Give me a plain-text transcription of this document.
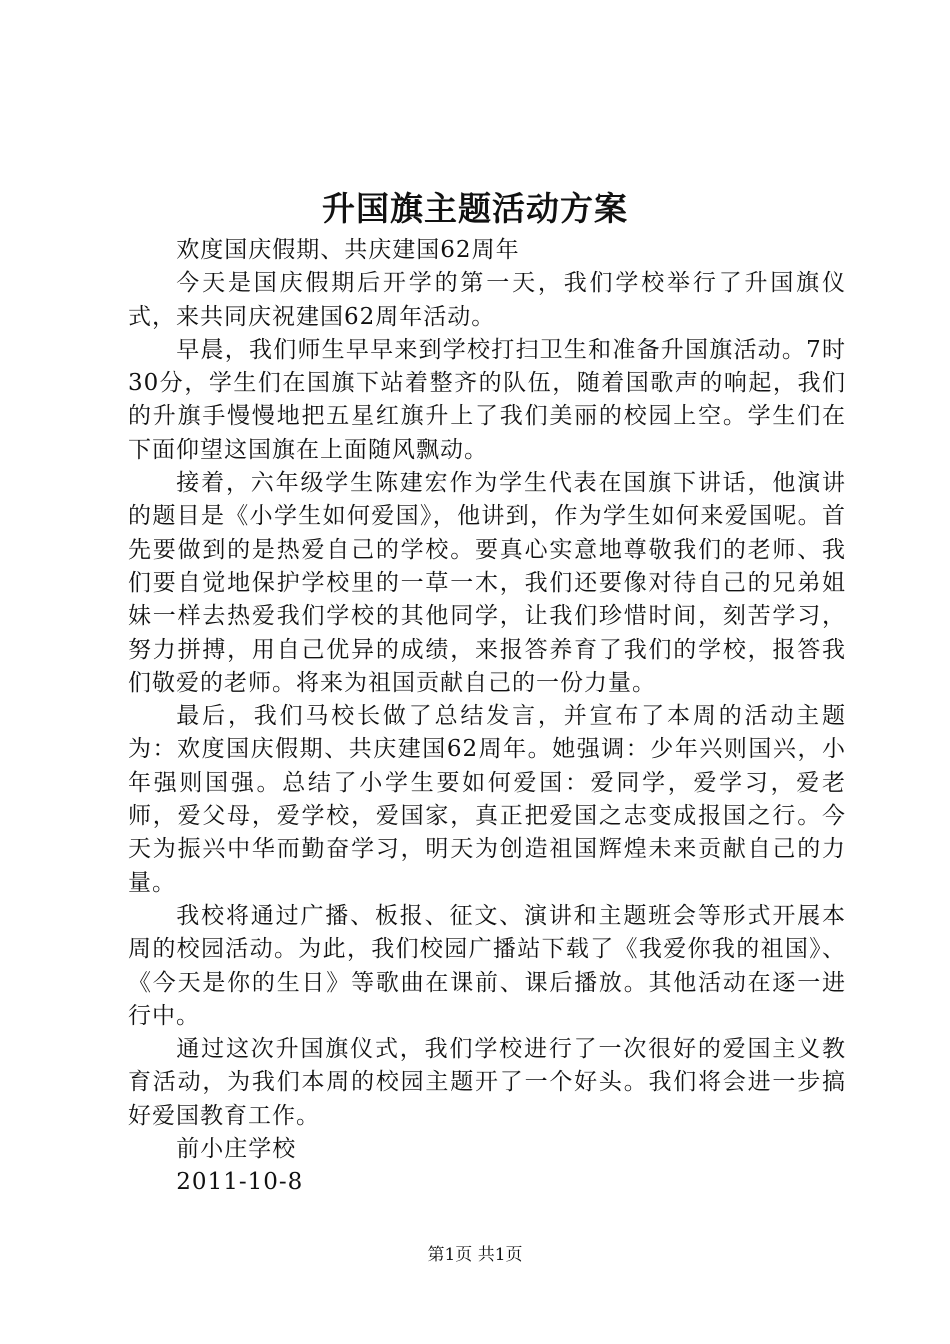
升国旗主题活动方案

欢度国庆假期、共庆建国62周年

今天是国庆假期后开学的第一天，我们学校举行了升国旗仪式，来共同庆祝建国62周年活动。

早晨，我们师生早早来到学校打扫卫生和准备升国旗活动。7时30分，学生们在国旗下站着整齐的队伍，随着国歌声的响起，我们的升旗手慢慢地把五星红旗升上了我们美丽的校园上空。学生们在下面仰望这国旗在上面随风飘动。

接着，六年级学生陈建宏作为学生代表在国旗下讲话，他演讲的题目是《小学生如何爱国》，他讲到，作为学生如何来爱国呢。首先要做到的是热爱自己的学校。要真心实意地尊敬我们的老师、我们要自觉地保护学校里的一草一木，我们还要像对待自己的兄弟姐妹一样去热爱我们学校的其他同学，让我们珍惜时间，刻苦学习，努力拼搏，用自己优异的成绩，来报答养育了我们的学校，报答我们敬爱的老师。将来为祖国贡献自己的一份力量。

最后，我们马校长做了总结发言，并宣布了本周的活动主题为：欢度国庆假期、共庆建国62周年。她强调：少年兴则国兴，小年强则国强。总结了小学生要如何爱国：爱同学，爱学习，爱老师，爱父母，爱学校，爱国家，真正把爱国之志变成报国之行。今天为振兴中华而勤奋学习，明天为创造祖国辉煌未来贡献自己的力量。

我校将通过广播、板报、征文、演讲和主题班会等形式开展本周的校园活动。为此，我们校园广播站下载了《我爱你我的祖国》、《今天是你的生日》等歌曲在课前、课后播放。其他活动在逐一进行中。

通过这次升国旗仪式，我们学校进行了一次很好的爱国主义教育活动，为我们本周的校园主题开了一个好头。我们将会进一步搞好爱国教育工作。

前小庄学校

2011-10-8

第1页 共1页
